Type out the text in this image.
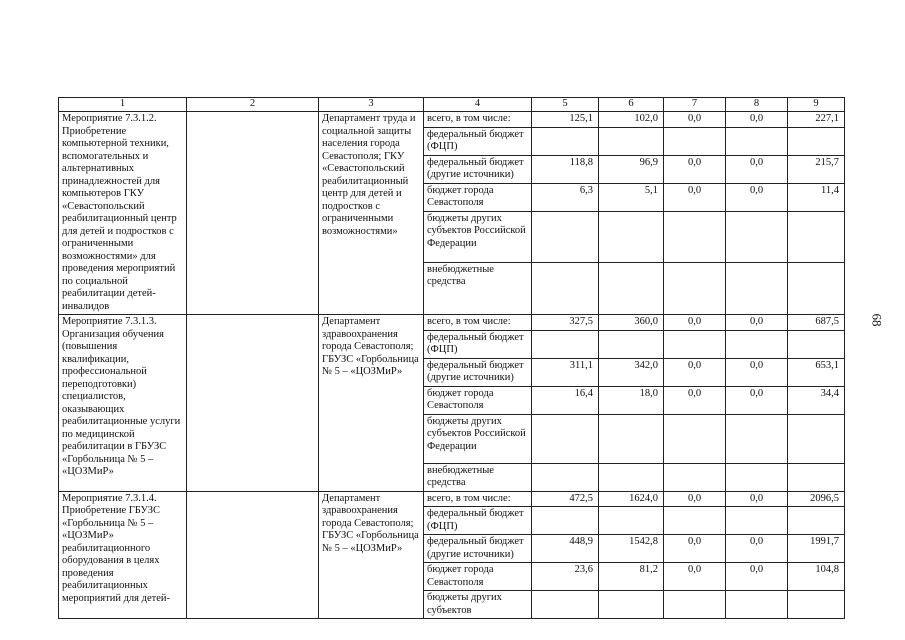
1	2	3	4	5	6	7	8	9
Мероприятие 7.3.1.2. Приобретение компьютерной техники, вспомогательных и альтернативных принадлежностей для компьютеров ГКУ «Севастопольский реабилитационный центр для детей и подростков с ограниченными возможностями» для проведения мероприятий по социальной реабилитации детей-инвалидов		Департамент труда и социальной защиты населения города Севастополя; ГКУ «Севастопольский реабилитационный центр для детей и подростков с ограниченными возможностями»	всего, в том числе:	125,1	102,0	0,0	0,0	227,1
			федеральный бюджет (ФЦП)					
			федеральный бюджет (другие источники)	118,8	96,9	0,0	0,0	215,7
			бюджет города Севастополя	6,3	5,1	0,0	0,0	11,4
			бюджеты других субъектов Российской Федерации					
			внебюджетные средства					
Мероприятие 7.3.1.3. Организация обучения (повышения квалификации, профессиональной переподготовки) специалистов, оказывающих реабилитационные услуги по медицинской реабилитации в ГБУЗС «Горбольница № 5 – «ЦОЗМиР»		Департамент здравоохранения города Севастополя; ГБУЗС «Горбольница № 5 – «ЦОЗМиР»	всего, в том числе:	327,5	360,0	0,0	0,0	687,5
			федеральный бюджет (ФЦП)					
			федеральный бюджет (другие источники)	311,1	342,0	0,0	0,0	653,1
			бюджет города Севастополя	16,4	18,0	0,0	0,0	34,4
			бюджеты других субъектов Российской Федерации					
			внебюджетные средства					
Мероприятие 7.3.1.4. Приобретение ГБУЗС «Горбольница № 5 – «ЦОЗМиР» реабилитационного оборудования в целях проведения реабилитационных мероприятий для детей-		Департамент здравоохранения города Севастополя; ГБУЗС «Горбольница № 5 – «ЦОЗМиР»	всего, в том числе:	472,5	1624,0	0,0	0,0	2096,5
			федеральный бюджет (ФЦП)					
			федеральный бюджет (другие источники)	448,9	1542,8	0,0	0,0	1991,7
			бюджет города Севастополя	23,6	81,2	0,0	0,0	104,8
			бюджеты других субъектов					
68
